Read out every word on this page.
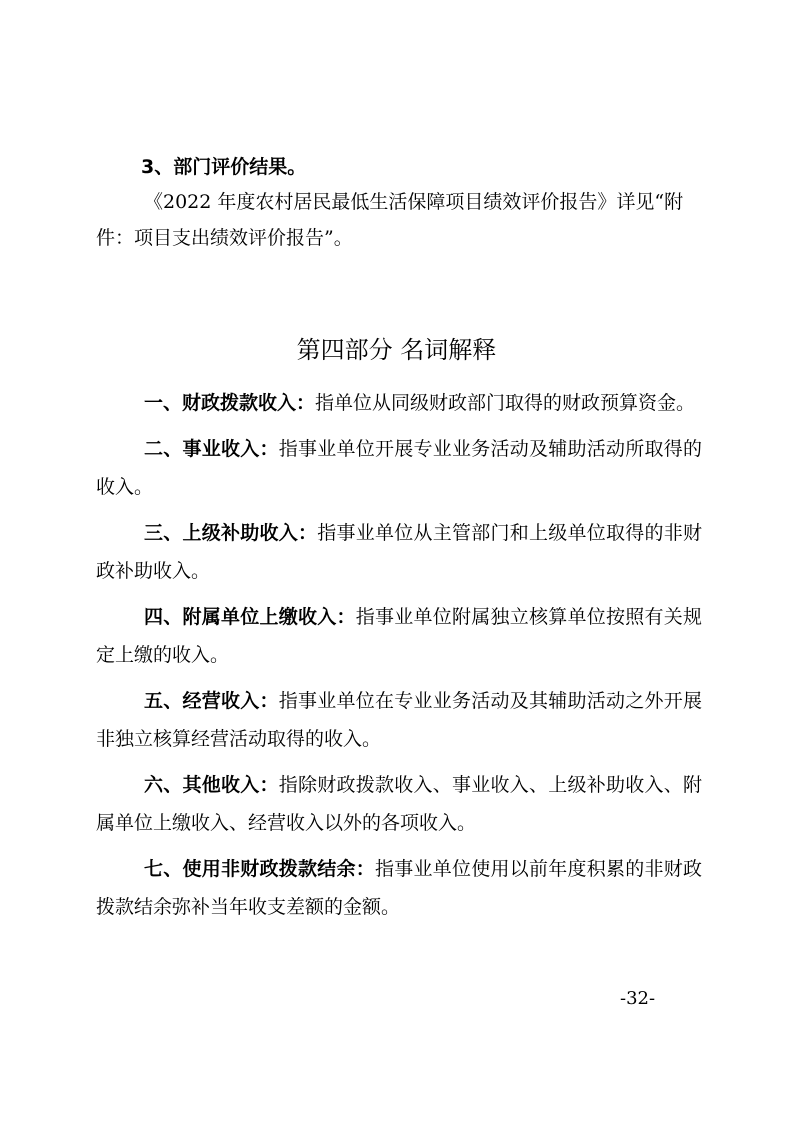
3、部门评价结果。

《2022 年度农村居民最低生活保障项目绩效评价报告》详见“附件：项目支出绩效评价报告”。

第四部分 名词解释

一、财政拨款收入：指单位从同级财政部门取得的财政预算资金。

二、事业收入：指事业单位开展专业业务活动及辅助活动所取得的收入。

三、上级补助收入：指事业单位从主管部门和上级单位取得的非财政补助收入。

四、附属单位上缴收入：指事业单位附属独立核算单位按照有关规定上缴的收入。

五、经营收入：指事业单位在专业业务活动及其辅助活动之外开展非独立核算经营活动取得的收入。

六、其他收入：指除财政拨款收入、事业收入、上级补助收入、附属单位上缴收入、经营收入以外的各项收入。

七、使用非财政拨款结余：指事业单位使用以前年度积累的非财政拨款结余弥补当年收支差额的金额。

-32-
